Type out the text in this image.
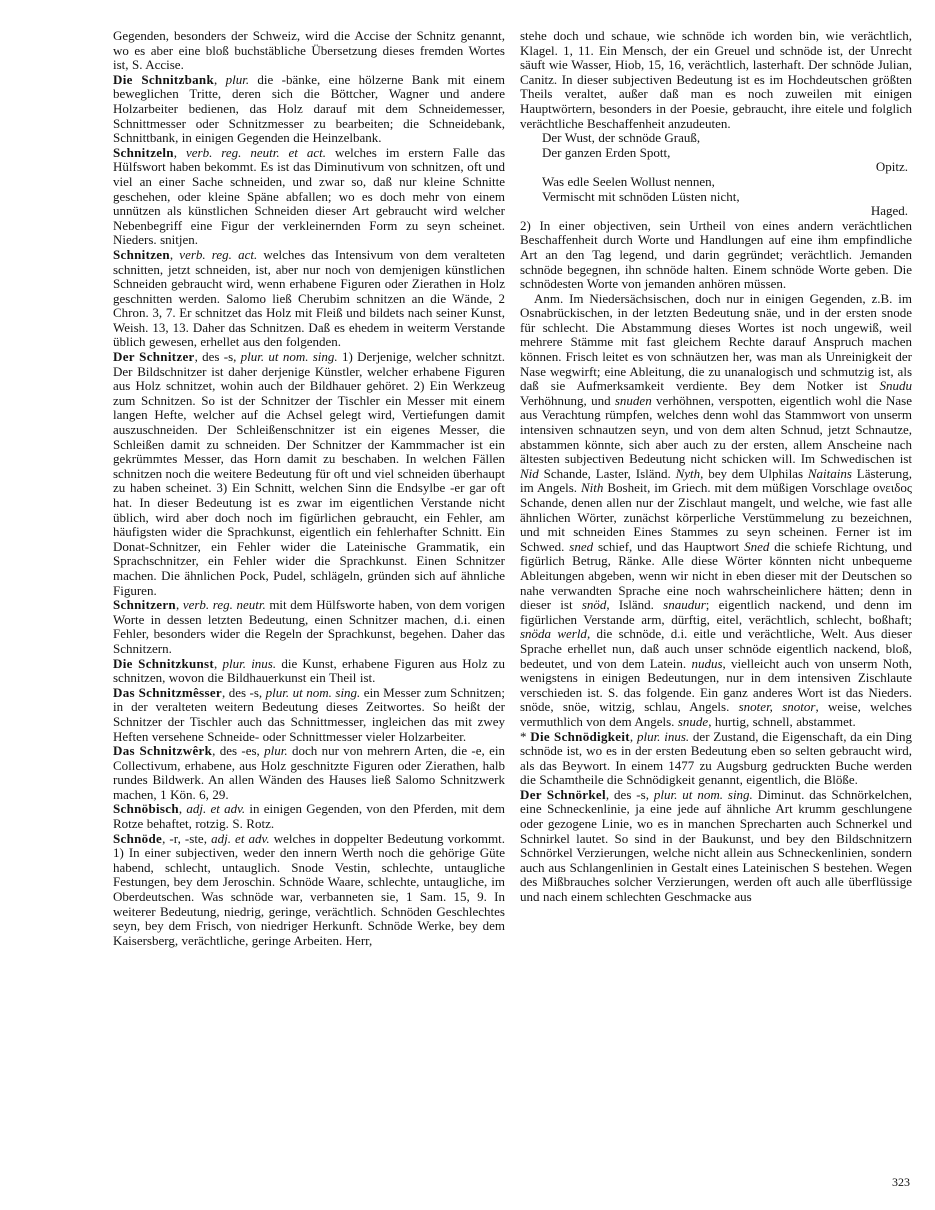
Gegenden, besonders der Schweiz, wird die Accise der Schnitz genannt, wo es aber eine bloß buchstäbliche Übersetzung dieses fremden Wortes ist, S. Accise.

Die Schnitzbank, plur. die -bänke, eine hölzerne Bank mit einem beweglichen Tritte, deren sich die Böttcher, Wagner und andere Holzarbeiter bedienen, das Holz darauf mit dem Schneidemesser, Schnittmesser oder Schnitzmesser zu bearbeiten; die Schneidebank, Schnittbank, in einigen Gegenden die Heinzelbank.

Schnitzeln, verb. reg. neutr. et act. welches im erstern Falle das Hülfswort haben bekommt. Es ist das Diminutivum von schnitzen, oft und viel an einer Sache schneiden, und zwar so, daß nur kleine Schnitte geschehen, oder kleine Späne abfallen; wo es doch mehr von einem unnützen als künstlichen Schneiden dieser Art gebraucht wird welcher Nebenbegriff eine Figur der verkleinernden Form zu seyn scheinet. Nieders. snitjen.

Schnitzen, verb. reg. act. welches das Intensivum von dem veralteten schnitten, jetzt schneiden, ist, aber nur noch von demjenigen künstlichen Schneiden gebraucht wird, wenn erhabene Figuren oder Zierathen in Holz geschnitten werden. Salomo ließ Cherubim schnitzen an die Wände, 2 Chron. 3, 7. Er schnitzet das Holz mit Fleiß und bildets nach seiner Kunst, Weish. 13, 13. Daher das Schnitzen. Daß es ehedem in weiterm Verstande üblich gewesen, erhellet aus den folgenden.

Der Schnitzer, des -s, plur. ut nom. sing. 1) Derjenige, welcher schnitzt. Der Bildschnitzer ist daher derjenige Künstler, welcher erhabene Figuren aus Holz schnitzet, wohin auch der Bildhauer gehöret. 2) Ein Werkzeug zum Schnitzen. So ist der Schnitzer der Tischler ein Messer mit einem langen Hefte, welcher auf die Achsel gelegt wird, Vertiefungen damit auszuschneiden. Der Schleißenschnitzer ist ein eigenes Messer, die Schleißen damit zu schneiden. Der Schnitzer der Kammmacher ist ein gekrümmtes Messer, das Horn damit zu beschaben. In welchen Fällen schnitzen noch die weitere Bedeutung für oft und viel schneiden überhaupt zu haben scheinet. 3) Ein Schnitt, welchen Sinn die Endsylbe -er gar oft hat. In dieser Bedeutung ist es zwar im eigentlichen Verstande nicht üblich, wird aber doch noch im figürlichen gebraucht, ein Fehler, am häufigsten wider die Sprachkunst, eigentlich ein fehlerhafter Schnitt. Ein Donat-Schnitzer, ein Fehler wider die Lateinische Grammatik, ein Sprachschnitzer, ein Fehler wider die Sprachkunst. Einen Schnitzer machen. Die ähnlichen Pock, Pudel, schlägeln, gründen sich auf ähnliche Figuren.

Schnitzern, verb. reg. neutr. mit dem Hülfsworte haben, von dem vorigen Worte in dessen letzten Bedeutung, einen Schnitzer machen, d.i. einen Fehler, besonders wider die Regeln der Sprachkunst, begehen. Daher das Schnitzern.

Die Schnitzkunst, plur. inus. die Kunst, erhabene Figuren aus Holz zu schnitzen, wovon die Bildhauerkunst ein Theil ist.

Das Schnitzmêsser, des -s, plur. ut nom. sing. ein Messer zum Schnitzen; in der veralteten weitern Bedeutung dieses Zeitwortes. So heißt der Schnitzer der Tischler auch das Schnittmesser, ingleichen das mit zwey Heften versehene Schneide- oder Schnittmesser vieler Holzarbeiter.

Das Schnitzwêrk, des -es, plur. doch nur von mehrern Arten, die -e, ein Collectivum, erhabene, aus Holz geschnitzte Figuren oder Zierathen, halb rundes Bildwerk. An allen Wänden des Hauses ließ Salomo Schnitzwerk machen, 1 Kön. 6, 29.

Schnöbisch, adj. et adv. in einigen Gegenden, von den Pferden, mit dem Rotze behaftet, rotzig. S. Rotz.

Schnöde, -r, -ste, adj. et adv. welches in doppelter Bedeutung vorkommt. 1) In einer subjectiven, weder den innern Werth noch die gehörige Güte habend, schlecht, untauglich. Snode Vestin, schlechte, untaugliche Festungen, bey dem Jeroschin. Schnöde Waare, schlechte, untaugliche, im Oberdeutschen. Was schnöde war, verbanneten sie, 1 Sam. 15, 9. In weiterer Bedeutung, niedrig, geringe, verächtlich. Schnöden Geschlechtes seyn, bey dem Frisch, von niedriger Herkunft. Schnöde Werke, bey dem Kaisersberg, verächtliche, geringe Arbeiten. Herr,

stehe doch und schaue, wie schnöde ich worden bin, wie verächtlich, Klagel. 1, 11. Ein Mensch, der ein Greuel und schnöde ist, der Unrecht säuft wie Wasser, Hiob, 15, 16, verächtlich, lasterhaft. Der schnöde Julian, Canitz. In dieser subjectiven Bedeutung ist es im Hochdeutschen größten Theils veraltet, außer daß man es noch zuweilen mit einigen Hauptwörtern, besonders in der Poesie, gebraucht, ihre eitele und folglich verächtliche Beschaffenheit anzudeuten.

Der Wust, der schnöde Grauß,

Der ganzen Erden Spott,

Opitz.

Was edle Seelen Wollust nennen,

Vermischt mit schnöden Lüsten nicht,

Haged.

2) In einer objectiven, sein Urtheil von eines andern verächtlichen Beschaffenheit durch Worte und Handlungen auf eine ihm empfindliche Art an den Tag legend, und darin gegründet; verächtlich. Jemanden schnöde begegnen, ihn schnöde halten. Einem schnöde Worte geben. Die schnödesten Worte von jemanden anhören müssen.

Anm. Im Niedersächsischen, doch nur in einigen Gegenden, z.B. im Osnabrückischen, in der letzten Bedeutung snäe, und in der ersten snode für schlecht. Die Abstammung dieses Wortes ist noch ungewiß, weil mehrere Stämme mit fast gleichem Rechte darauf Anspruch machen können. Frisch leitet es von schnäutzen her, was man als Unreinigkeit der Nase wegwirft; eine Ableitung, die zu unanalogisch und schmutzig ist, als daß sie Aufmerksamkeit verdiente. Bey dem Notker ist Snudu Verhöhnung, und snuden verhöhnen, verspotten, eigentlich wohl die Nase aus Verachtung rümpfen, welches denn wohl das Stammwort von unserm intensiven schnautzen seyn, und von dem alten Schnud, jetzt Schnautze, abstammen könnte, sich aber auch zu der ersten, allem Anscheine nach ältesten subjectiven Bedeutung nicht schicken will. Im Schwedischen ist Nid Schande, Laster, Isländ. Nyth, bey dem Ulphilas Naitains Lästerung, im Angels. Nith Bosheit, im Griech. mit dem müßigen Vorschlage ονειδος Schande, denen allen nur der Zischlaut mangelt, und welche, wie fast alle ähnlichen Wörter, zunächst körperliche Verstümmelung zu bezeichnen, und mit schneiden Eines Stammes zu seyn scheinen. Ferner ist im Schwed. sned schief, und das Hauptwort Sned die schiefe Richtung, und figürlich Betrug, Ränke. Alle diese Wörter könnten nicht unbequeme Ableitungen abgeben, wenn wir nicht in eben dieser mit der Deutschen so nahe verwandten Sprache eine noch wahrscheinlichere hätten; denn in dieser ist snöd, Isländ. snaudur; eigentlich nackend, und denn im figürlichen Verstande arm, dürftig, eitel, verächtlich, schlecht, boßhaft; snöda werld, die schnöde, d.i. eitle und verächtliche, Welt. Aus dieser Sprache erhellet nun, daß auch unser schnöde eigentlich nackend, bloß, bedeutet, und von dem Latein. nudus, vielleicht auch von unserm Noth, wenigstens in einigen Bedeutungen, nur in dem intensiven Zischlaute verschieden ist. S. das folgende. Ein ganz anderes Wort ist das Nieders. snöde, snöe, witzig, schlau, Angels. snoter, snotor, weise, welches vermuthlich von dem Angels. snude, hurtig, schnell, abstammet.

* Die Schnödigkeit, plur. inus. der Zustand, die Eigenschaft, da ein Ding schnöde ist, wo es in der ersten Bedeutung eben so selten gebraucht wird, als das Beywort. In einem 1477 zu Augsburg gedruckten Buche werden die Schamtheile die Schnödigkeit genannt, eigentlich, die Blöße.

Der Schnörkel, des -s, plur. ut nom. sing. Diminut. das Schnörkelchen, eine Schneckenlinie, ja eine jede auf ähnliche Art krumm geschlungene oder gezogene Linie, wo es in manchen Sprecharten auch Schnerkel und Schnirkel lautet. So sind in der Baukunst, und bey den Bildschnitzern Schnörkel Verzierungen, welche nicht allein aus Schneckenlinien, sondern auch aus Schlangenlinien in Gestalt eines Lateinischen S bestehen. Wegen des Mißbrauches solcher Verzierungen, werden oft auch alle überflüssige und nach einem schlechten Geschmacke aus

323
